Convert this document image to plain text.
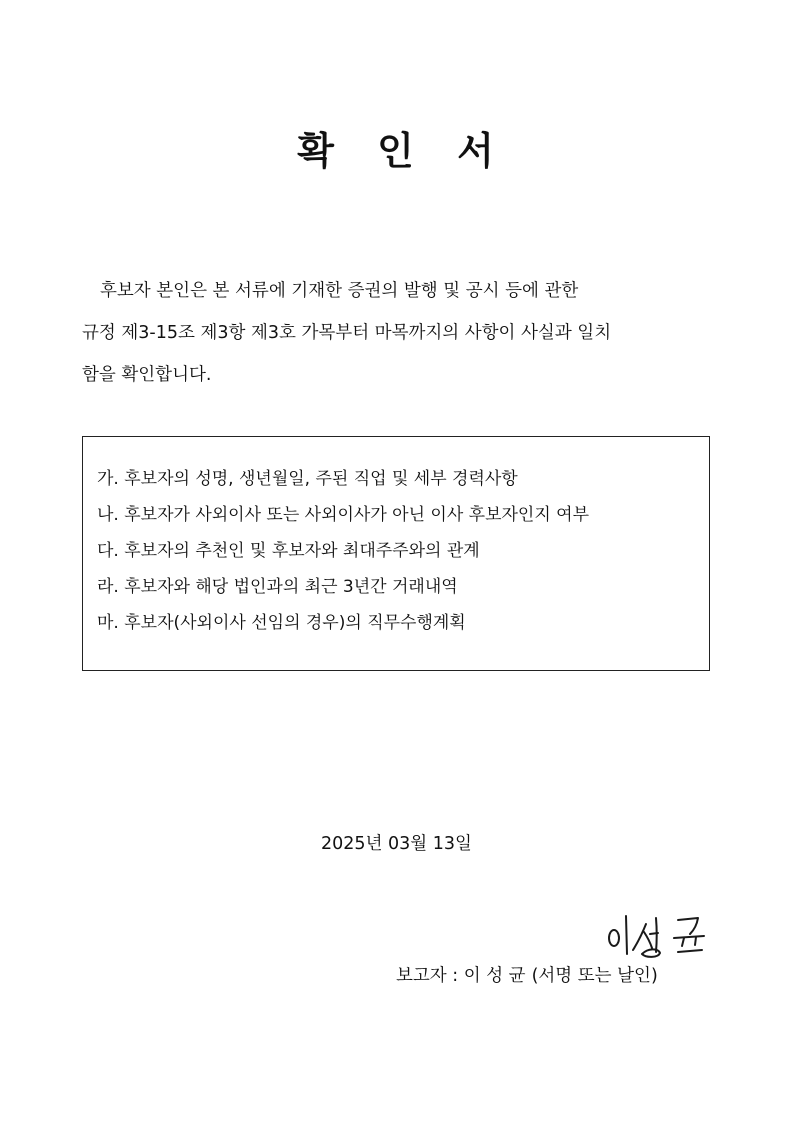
확 인 서

후보자 본인은 본 서류에 기재한 증권의 발행 및 공시 등에 관한
규정 제3-15조 제3항 제3호 가목부터 마목까지의 사항이 사실과 일치
함을 확인합니다.

가. 후보자의 성명, 생년월일, 주된 직업 및 세부 경력사항
나. 후보자가 사외이사 또는 사외이사가 아닌 이사 후보자인지 여부
다. 후보자의 추천인 및 후보자와 최대주주와의 관계
라. 후보자와 해당 법인과의 최근 3년간 거래내역
마. 후보자(사외이사 선임의 경우)의 직무수행계획

2025년 03월 13일

보고자 : 이 성 균 (서명 또는 날인)
